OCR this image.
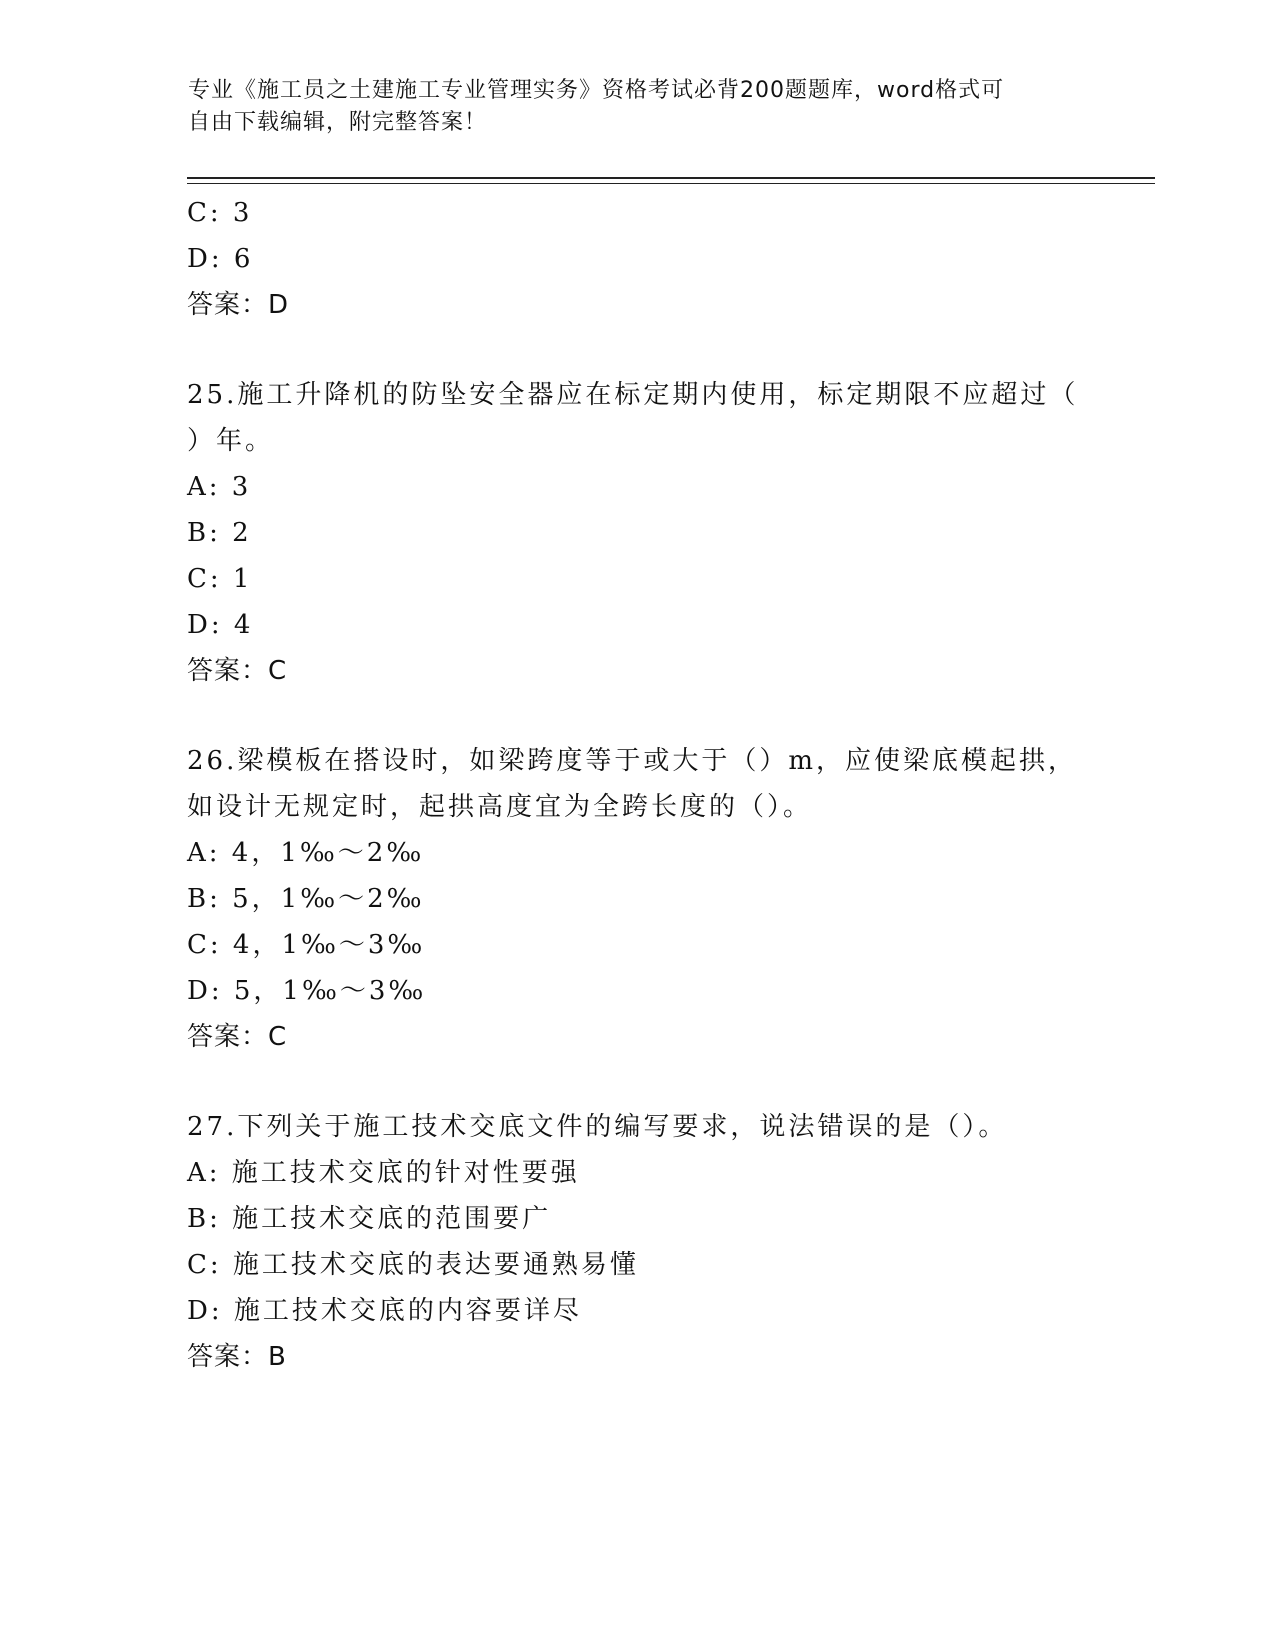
专业《施工员之土建施工专业管理实务》资格考试必背200题题库，word格式可
自由下载编辑，附完整答案！
C: 3
D: 6
答案：D
25.施工升降机的防坠安全器应在标定期内使用，标定期限不应超过（
）年。
A: 3
B: 2
C: 1
D: 4
答案：C
26.梁模板在搭设时，如梁跨度等于或大于（）m，应使梁底模起拱，
如设计无规定时，起拱高度宜为全跨长度的（）。
A: 4，1‰～2‰
B: 5，1‰～2‰
C: 4，1‰～3‰
D: 5，1‰～3‰
答案：C
27.下列关于施工技术交底文件的编写要求，说法错误的是（）。
A: 施工技术交底的针对性要强
B: 施工技术交底的范围要广
C: 施工技术交底的表达要通熟易懂
D: 施工技术交底的内容要详尽
答案：B
